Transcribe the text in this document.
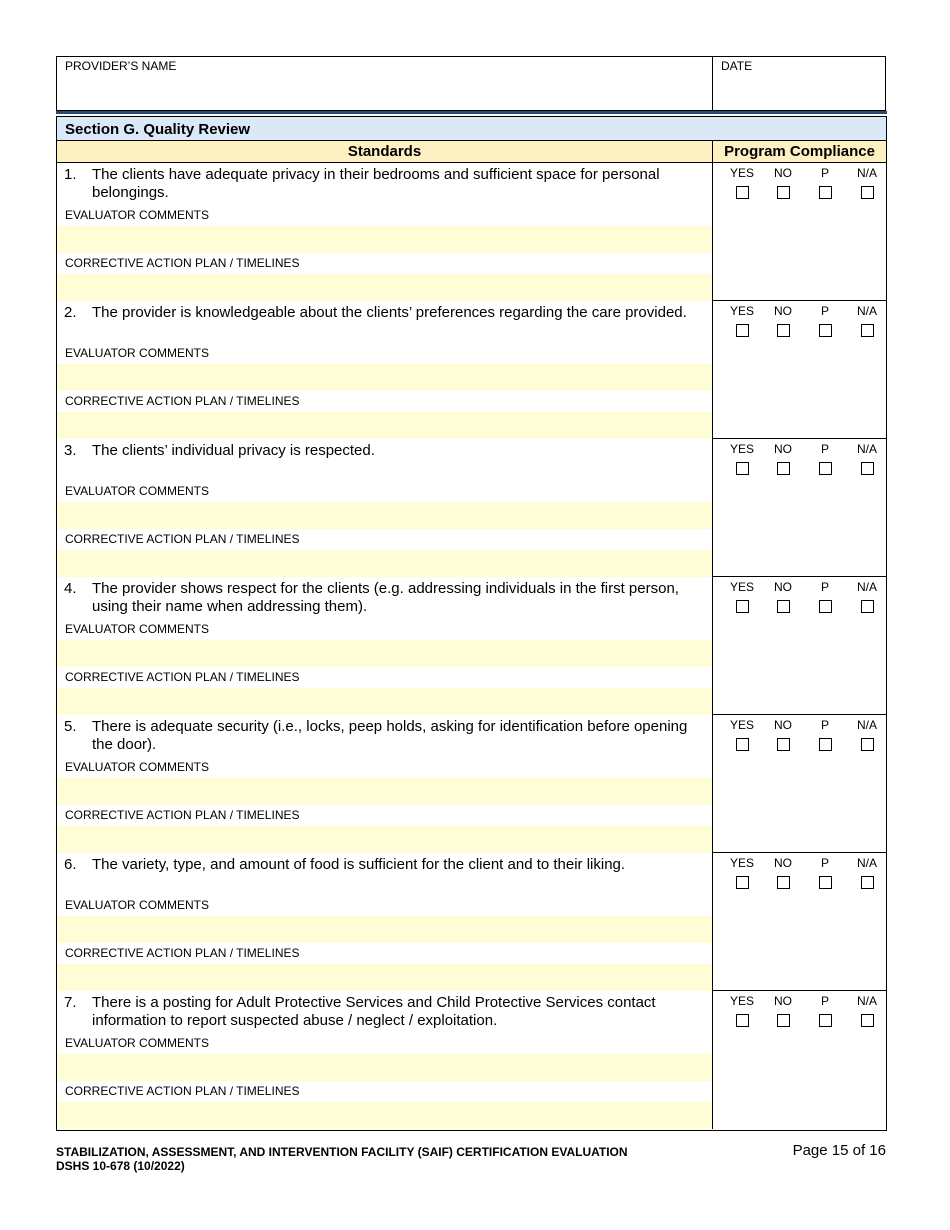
PROVIDER’S NAME	DATE
Section G. Quality Review
Standards	Program Compliance
1. The clients have adequate privacy in their bedrooms and sufficient space for personal belongings.
EVALUATOR COMMENTS
CORRECTIVE ACTION PLAN / TIMELINES
YES	NO	P	N/A
2. The provider is knowledgeable about the clients’ preferences regarding the care provided.
EVALUATOR COMMENTS
CORRECTIVE ACTION PLAN / TIMELINES
YES	NO	P	N/A
3. The clients’ individual privacy is respected.
EVALUATOR COMMENTS
CORRECTIVE ACTION PLAN / TIMELINES
YES	NO	P	N/A
4. The provider shows respect for the clients (e.g. addressing individuals in the first person, using their name when addressing them).
EVALUATOR COMMENTS
CORRECTIVE ACTION PLAN / TIMELINES
YES	NO	P	N/A
5. There is adequate security (i.e., locks, peep holds, asking for identification before opening the door).
EVALUATOR COMMENTS
CORRECTIVE ACTION PLAN / TIMELINES
YES	NO	P	N/A
6. The variety, type, and amount of food is sufficient for the client and to their liking.
EVALUATOR COMMENTS
CORRECTIVE ACTION PLAN / TIMELINES
YES	NO	P	N/A
7. There is a posting for Adult Protective Services and Child Protective Services contact information to report suspected abuse / neglect / exploitation.
EVALUATOR COMMENTS
CORRECTIVE ACTION PLAN / TIMELINES
YES	NO	P	N/A
STABILIZATION, ASSESSMENT, AND INTERVENTION FACILITY (SAIF) CERTIFICATION EVALUATION
DSHS 10-678 (10/2022)
Page 15 of 16
